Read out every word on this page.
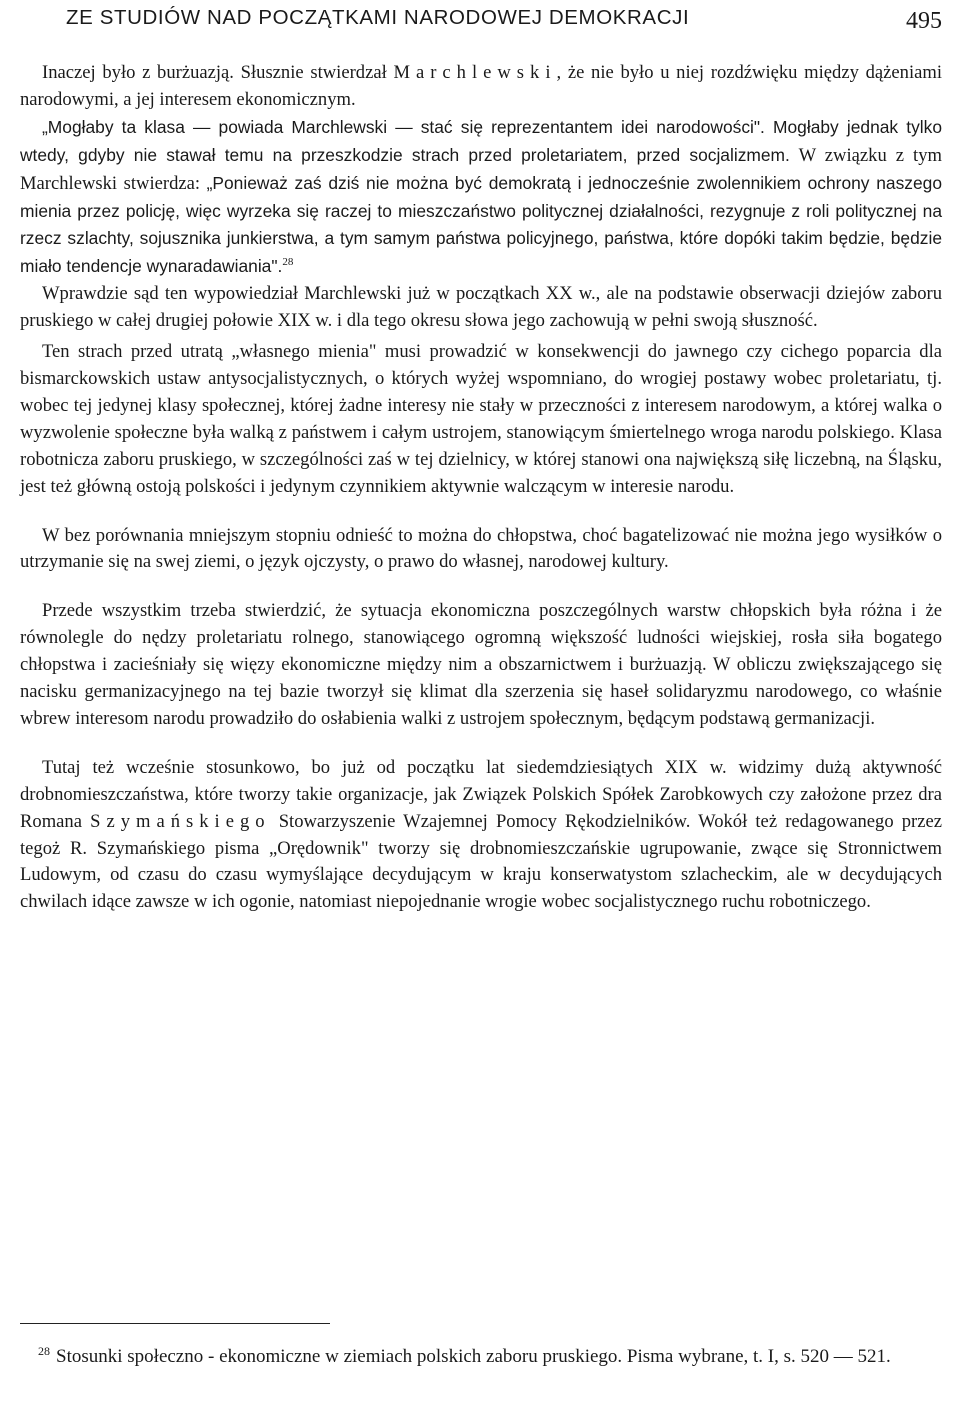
ZE STUDIÓW NAD POCZĄTKAMI NARODOWEJ DEMOKRACJI	495

Inaczej było z burżuazją. Słusznie stwierdzał Marchlewski, że nie było u niej rozdźwięku między dążeniami narodowymi, a jej interesem ekonomicznym.

„Mogłaby ta klasa — powiada Marchlewski — stać się reprezentantem idei narodowości". Mogłaby jednak tylko wtedy, gdyby nie stawał temu na przeszkodzie strach przed proletariatem, przed socjalizmem. W związku z tym Marchlewski stwierdza: „Ponieważ zaś dziś nie można być demokratą i jednocześnie zwolennikiem ochrony naszego mienia przez policję, więc wyrzeka się raczej to mieszczaństwo politycznej działalności, rezygnuje z roli politycznej na rzecz szlachty, sojusznika junkierstwa, a tym samym państwa policyjnego, państwa, które dopóki takim będzie, będzie miało tendencje wynaradawiania".$^{28}$

Wprawdzie sąd ten wypowiedział Marchlewski już w początkach XX w., ale na podstawie obserwacji dziejów zaboru pruskiego w całej drugiej połowie XIX w. i dla tego okresu słowa jego zachowują w pełni swoją słuszność.

Ten strach przed utratą „własnego mienia" musi prowadzić w konsekwencji do jawnego czy cichego poparcia dla bismarckowskich ustaw antysocjalistycznych, o których wyżej wspomniano, do wrogiej postawy wobec proletariatu, tj. wobec tej jedynej klasy społecznej, której żadne interesy nie stały w przeczności z interesem narodowym, a której walka o wyzwolenie społeczne była walką z państwem i całym ustrojem, stanowiącym śmiertelnego wroga narodu polskiego. Klasa robotnicza zaboru pruskiego, w szczególności zaś w tej dzielnicy, w której stanowi ona największą siłę liczebną, na Śląsku, jest też główną ostoją polskości i jedynym czynnikiem aktywnie walczącym w interesie narodu.

W bez porównania mniejszym stopniu odnieść to można do chłopstwa, choć bagatelizować nie można jego wysiłków o utrzymanie się na swej ziemi, o język ojczysty, o prawo do własnej, narodowej kultury.

Przede wszystkim trzeba stwierdzić, że sytuacja ekonomiczna poszczególnych warstw chłopskich była różna i że równolegle do nędzy proletariatu rolnego, stanowiącego ogromną większość ludności wiejskiej, rosła siła bogatego chłopstwa i zacieśniały się więzy ekonomiczne między nim a obszarnictwem i burżuazją. W obliczu zwiększającego się nacisku germanizacyjnego na tej bazie tworzył się klimat dla szerzenia się haseł solidaryzmu narodowego, co właśnie wbrew interesom narodu prowadziło do osłabienia walki z ustrojem społecznym, będącym podstawą germanizacji.

Tutaj też wcześnie stosunkowo, bo już od początku lat siedemdziesiątych XIX w. widzimy dużą aktywność drobnomieszczaństwa, które tworzy takie organizacje, jak Związek Polskich Spółek Zarobkowych czy założone przez dra Romana Szymańskiego Stowarzyszenie Wzajemnej Pomocy Rękodzielników. Wokół też redagowanego przez tegoż R. Szymańskiego pisma „Orędownik" tworzy się drobnomieszczańskie ugrupowanie, zwące się Stronnictwem Ludowym, od czasu do czasu wymyślające decydującym w kraju konserwatystom szlacheckim, ale w decydujących chwilach idące zawsze w ich ogonie, natomiast niepojednanie wrogie wobec socjalistycznego ruchu robotniczego.

$^{28}$ Stosunki społeczno - ekonomiczne w ziemiach polskich zaboru pruskiego. Pisma wybrane, t. I, s. 520 — 521.
